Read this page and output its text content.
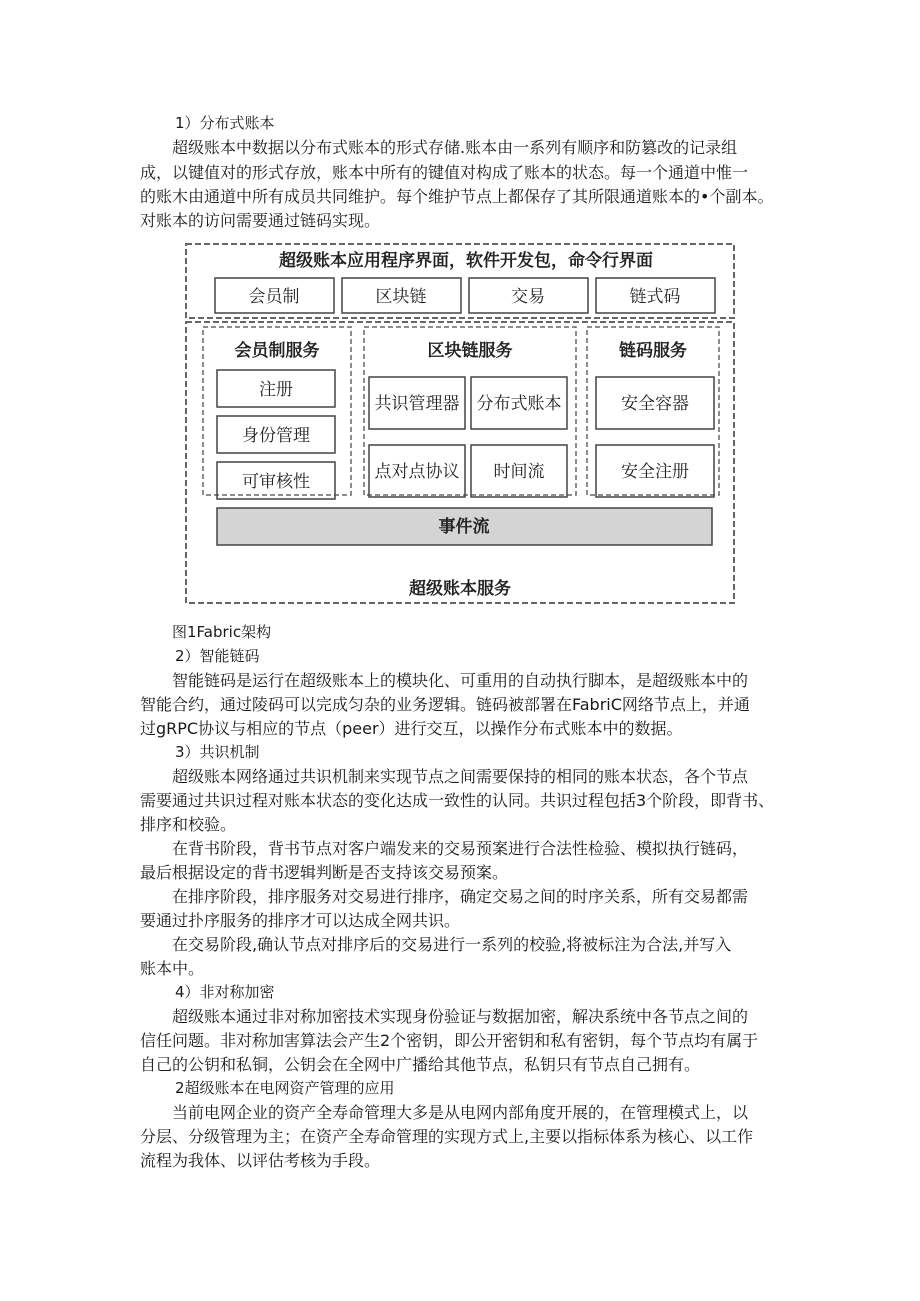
1）分布式账本
超级账本中数据以分布式账本的形式存储.账本由一系列有顺序和防篡改的记录组
成，以键值对的形式存放，账本中所有的键值对构成了账本的状态。每一个通道中惟一
的账木由通道中所有成员共同维护。每个维护节点上都保存了其所限通道账本的•个副本。
对账本的访问需要通过链码实现。
超级账本应用程序界面，软件开发包，命令行界面
会员制	区块链	交易	链式码
会员制服务
注册
身份管理
可审核性
区块链服务
共识管理器 分布式账本
点对点协议 时间流
链码服务
安全容器
安全注册
事件流
超级账本服务
图1Fabric架构
2）智能链码
智能链码是运行在超级账本上的模块化、可重用的自动执行脚本，是超级账本中的
智能合约，通过陵码可以完成匀杂的业务逻辑。链码被部署在FabriC网络节点上，并通
过gRPC协议与相应的节点（peer）进行交互，以操作分布式账本中的数据。
3）共识机制
超级账本网络通过共识机制来实现节点之间需要保持的相同的账本状态，各个节点
需要通过共识过程对账本状态的变化达成一致性的认同。共识过程包括3个阶段，即背书、
排序和校验。
在背书阶段，背书节点对客户端发来的交易预案进行合法性检验、模拟执行链码，
最后根据设定的背书逻辑判断是否支持该交易预案。
在排序阶段，排序服务对交易进行排序，确定交易之间的时序关系，所有交易都需
要通过扑序服务的排序才可以达成全网共识。
在交易阶段,确认节点对排序后的交易进行一系列的校验,将被标注为合法,并写入
账本中。
4）非对称加密
超级账本通过非对称加密技术实现身份验证与数据加密，解决系统中各节点之间的
信任问题。非对称加害算法会产生2个密钥，即公开密钥和私有密钥，每个节点均有属于
自己的公钥和私铜，公钥会在全网中广播给其他节点，私钥只有节点自己拥有。
2超级账本在电网资产管理的应用
当前电网企业的资产全寿命管理大多是从电网内部角度开展的，在管理模式上，以
分层、分级管理为主；在资产全寿命管理的实现方式上,主要以指标体系为核心、以工作
流程为我体、以评估考核为手段。
